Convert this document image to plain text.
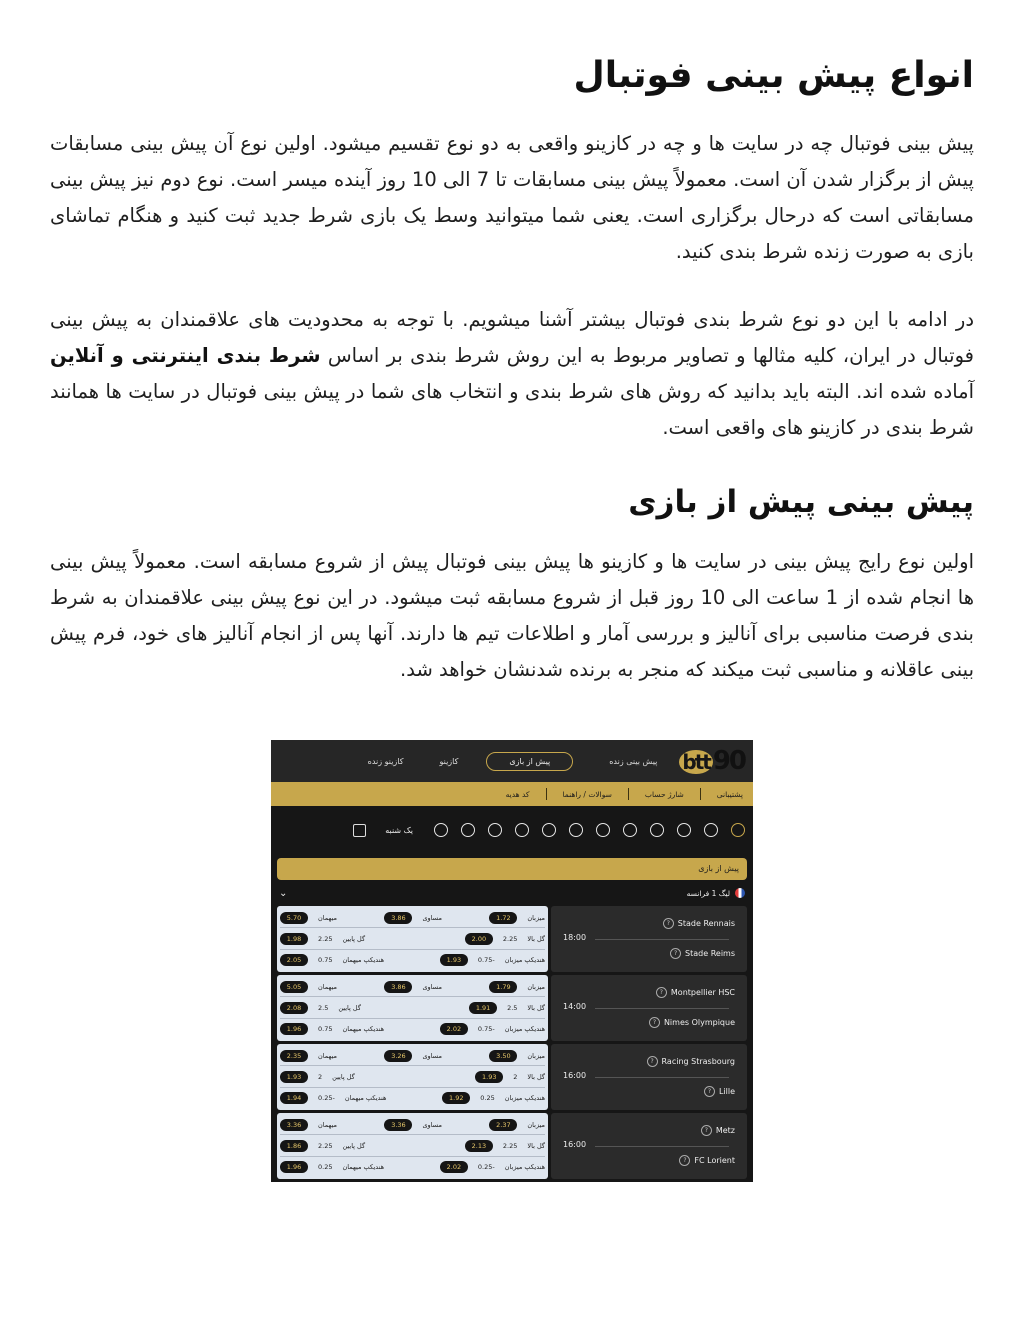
انواع پیش بینی فوتبال

پیش بینی فوتبال چه در سایت ها و چه در کازینو واقعی به دو نوع تقسیم میشود. اولین نوع آن پیش بینی مسابقات پیش از برگزار شدن آن است. معمولاً پیش بینی مسابقات تا 7 الی 10 روز آینده میسر است. نوع دوم نیز پیش بینی مسابقاتی است که درحال برگزاری است. یعنی شما میتوانید وسط یک بازی شرط جدید ثبت کنید و هنگام تماشای بازی به صورت زنده شرط بندی کنید.

در ادامه با این دو نوع شرط بندی فوتبال بیشتر آشنا میشویم. با توجه به محدودیت های علاقمندان به پیش بینی فوتبال در ایران، کلیه مثالها و تصاویر مربوط به این روش شرط بندی بر اساس شرط بندی اینترنتی و آنلاین آماده شده اند. البته باید بدانید که روش های شرط بندی و انتخاب های شما در پیش بینی فوتبال در سایت ها همانند شرط بندی در کازینو های واقعی است.

پیش بینی پیش از بازی

اولین نوع رایج پیش بینی در سایت ها و کازینو ها پیش بینی فوتبال پیش از شروع مسابقه است. معمولاً پیش بینی ها انجام شده از 1 ساعت الی 10 روز قبل از شروع مسابقه ثبت میشود. در این نوع پیش بینی علاقمندان به شرط بندی فرصت مناسبی برای آنالیز و بررسی آمار و اطلاعات تیم ها دارند. آنها پس از انجام آنالیز های خود، فرم پیش بینی عاقلانه و مناسبی ثبت میکند که منجر به برنده شدنشان خواهد شد.

btt 90
پیش بینی زنده
پیش از بازی
کازینو
کازینو زنده
پشتیبانی
شارژ حساب
سوالات / راهنما
کد هدیه
یک شنبه
پیش از بازی
لیگ 1 فرانسه
⌄
Stade Rennais
?
18:00
Stade Reims
?
میزبان
1.72
مساوی
3.86
میهمان
5.70
گل بالا
2.25
2.00
گل پایین
2.25
1.98
هندیکپ میزبان
-0.75
1.93
هندیکپ میهمان
0.75
2.05
Montpellier HSC
?
14:00
Nimes Olympique
?
میزبان
1.79
مساوی
3.86
میهمان
5.05
گل بالا
2.5
1.91
گل پایین
2.5
2.08
هندیکپ میزبان
-0.75
2.02
هندیکپ میهمان
0.75
1.96
Racing Strasbourg
?
16:00
Lille
?
میزبان
3.50
مساوی
3.26
میهمان
2.35
گل بالا
2
1.93
گل پایین
2
1.93
هندیکپ میزبان
0.25
1.92
هندیکپ میهمان
-0.25
1.94
Metz
?
16:00
FC Lorient
?
میزبان
2.37
مساوی
3.36
میهمان
3.36
گل بالا
2.25
2.13
گل پایین
2.25
1.86
هندیکپ میزبان
-0.25
2.02
هندیکپ میهمان
0.25
1.96
